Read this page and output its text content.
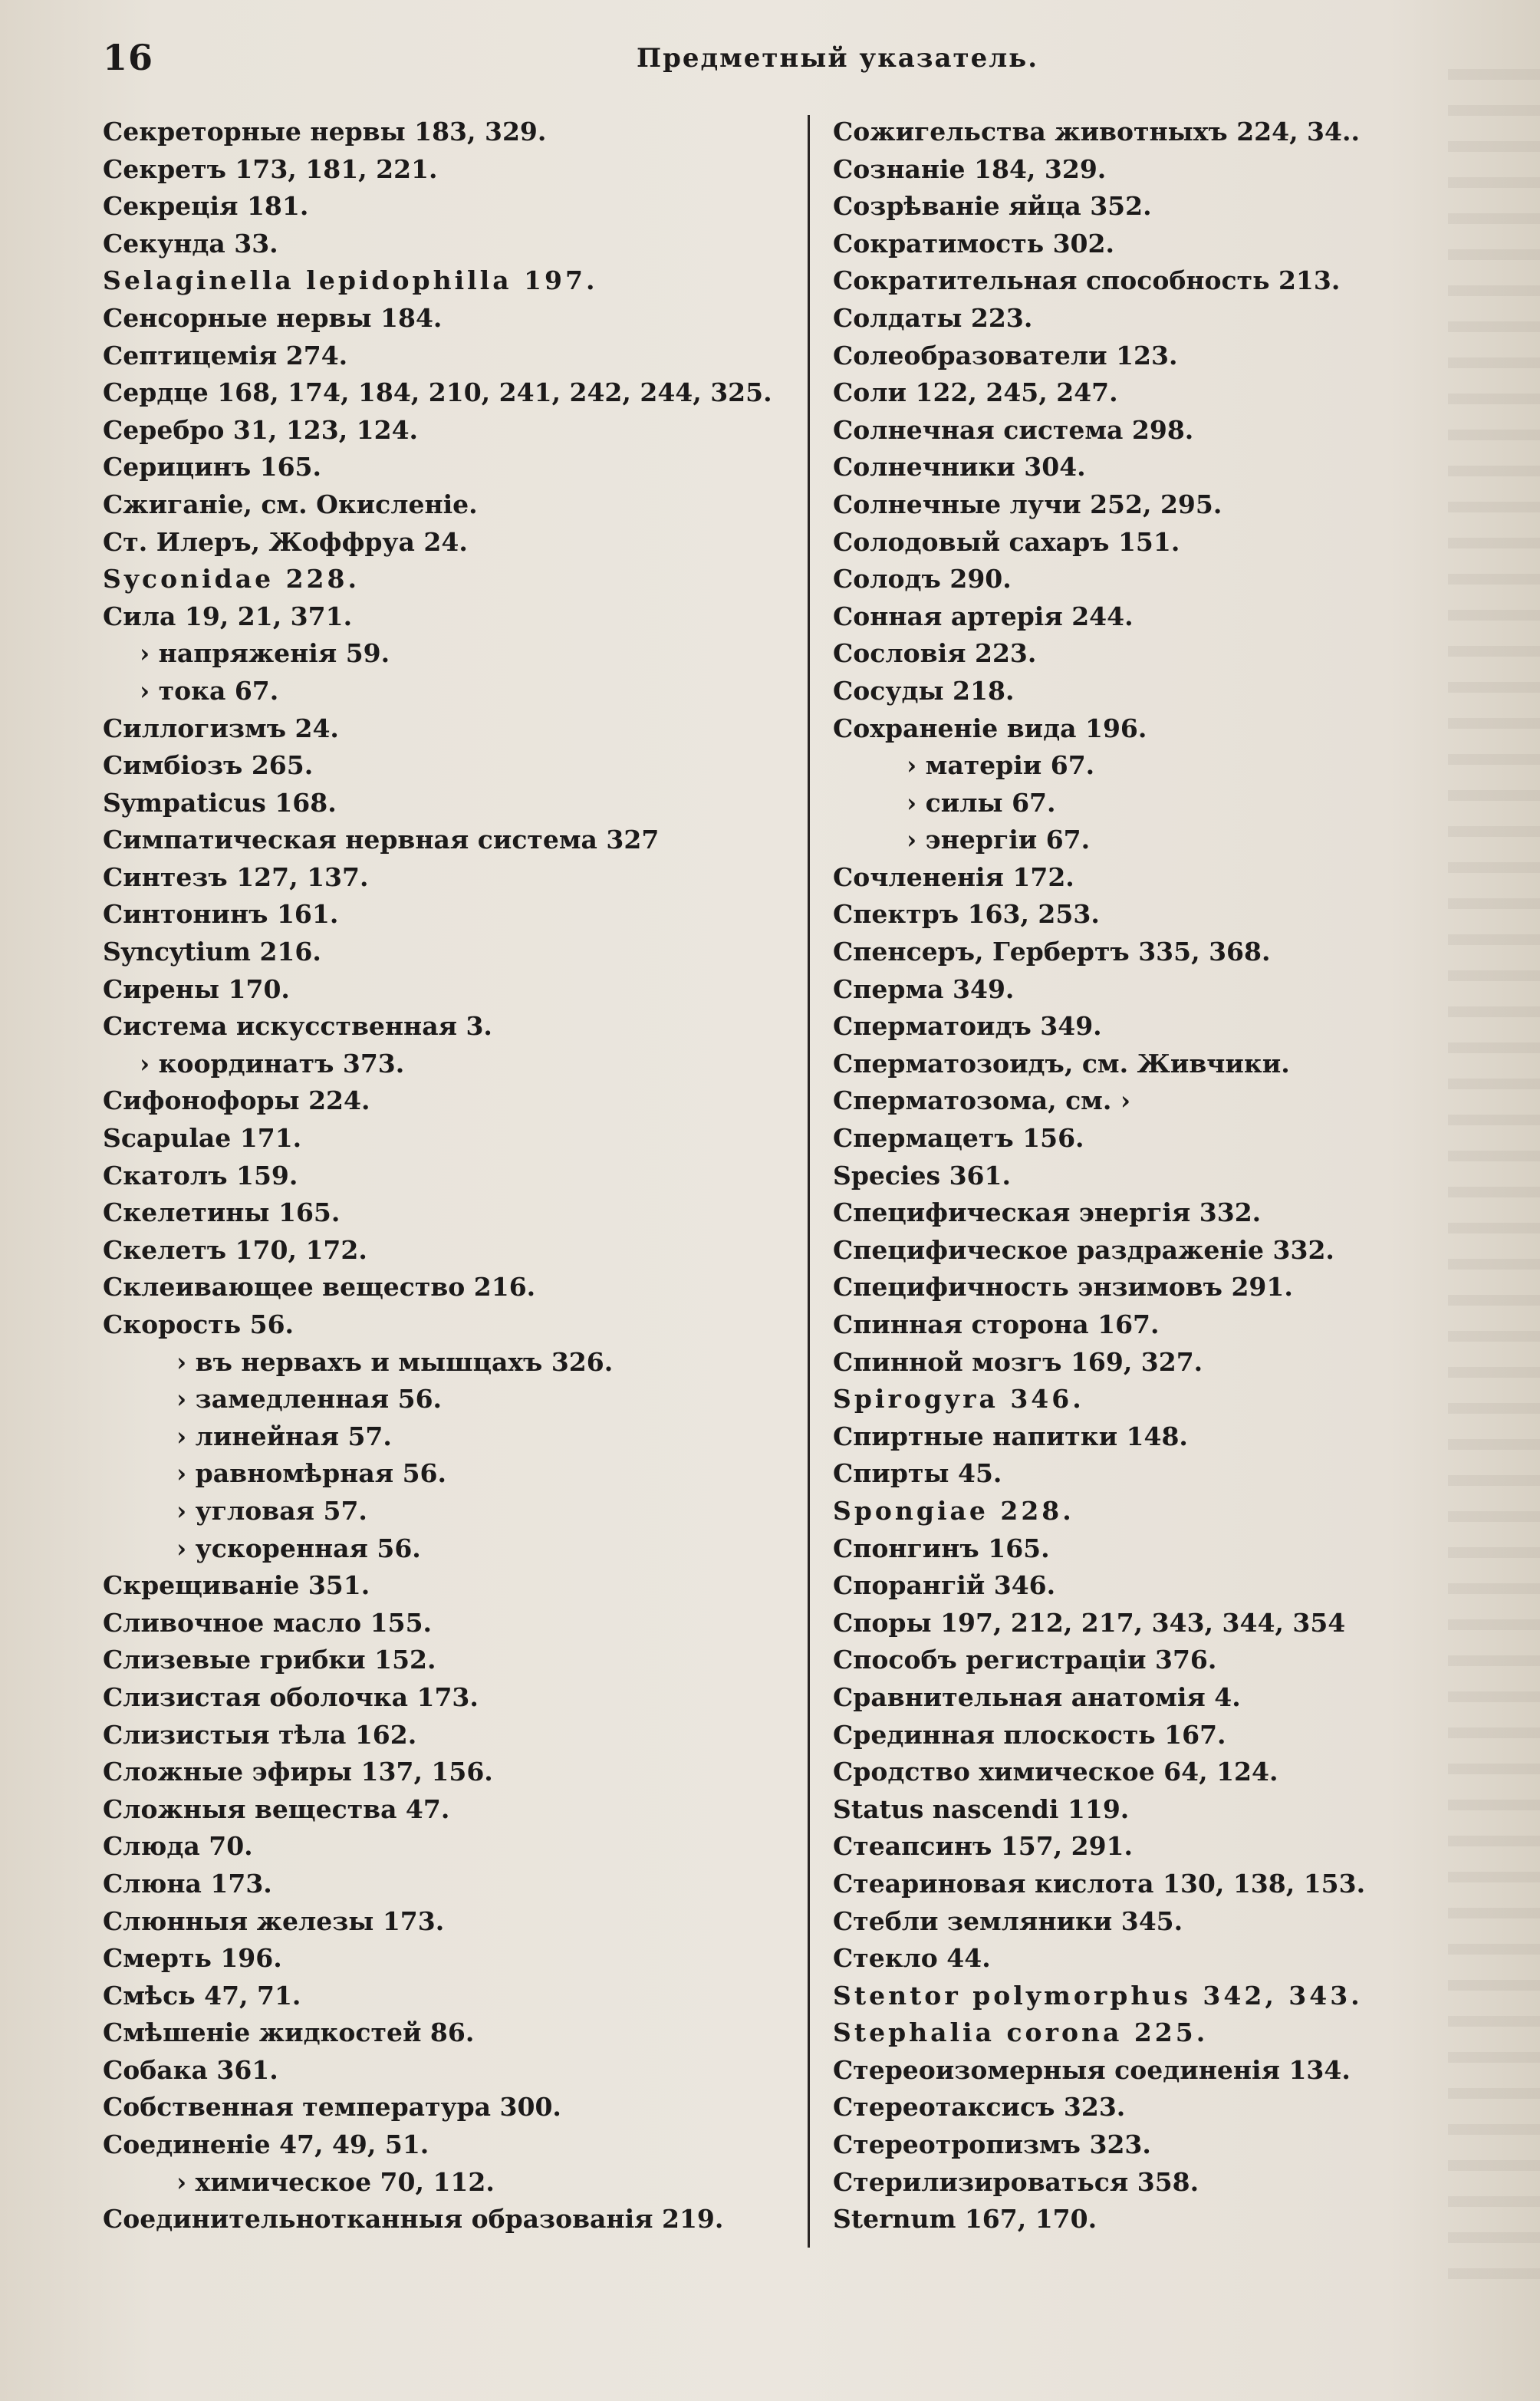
16	Предметный указатель.
Секреторные нервы 183, 329.
Секретъ 173, 181, 221.
Секреція 181.
Секунда 33.
Selaginella lepidophilla 197.
Сенсорные нервы 184.
Септицемія 274.
Сердце 168, 174, 184, 210, 241, 242, 244, 325.
Серебро 31, 123, 124.
Серицинъ 165.
Сжиганіе, см. Окисленіе.
Ст. Илеръ, Жоффруа 24.
Syconidae 228.
Сила 19, 21, 371.
› напряженія 59.
› тока 67.
Силлогизмъ 24.
Симбіозъ 265.
Sympaticus 168.
Симпатическая нервная система 327
Синтезъ 127, 137.
Синтонинъ 161.
Syncytium 216.
Сирены 170.
Система искусственная 3.
› координатъ 373.
Сифонофоры 224.
Scapulae 171.
Скатолъ 159.
Скелетины 165.
Скелетъ 170, 172.
Склеивающее вещество 216.
Скорость 56.
› въ нервахъ и мышцахъ 326.
› замедленная 56.
› линейная 57.
› равномѣрная 56.
› угловая 57.
› ускоренная 56.
Скрещиваніе 351.
Сливочное масло 155.
Слизевые грибки 152.
Слизистая оболочка 173.
Слизистыя тѣла 162.
Сложные эфиры 137, 156.
Сложныя вещества 47.
Слюда 70.
Слюна 173.
Слюнныя железы 173.
Смерть 196.
Смѣсь 47, 71.
Смѣшеніе жидкостей 86.
Собака 361.
Собственная температура 300.
Соединеніе 47, 49, 51.
› химическое 70, 112.
Соединительнотканныя образованія 219.
Сожигельства животныхъ 224, 34..
Сознаніе 184, 329.
Созрѣваніе яйца 352.
Сократимость 302.
Сократительная способность 213.
Солдаты 223.
Солеобразователи 123.
Соли 122, 245, 247.
Солнечная система 298.
Солнечники 304.
Солнечные лучи 252, 295.
Солодовый сахаръ 151.
Солодъ 290.
Сонная артерія 244.
Сословія 223.
Сосуды 218.
Сохраненіе вида 196.
› матеріи 67.
› силы 67.
› энергіи 67.
Сочлененія 172.
Спектръ 163, 253.
Спенсеръ, Гербертъ 335, 368.
Сперма 349.
Сперматоидъ 349.
Сперматозоидъ, см. Живчики.
Сперматозома, см. ›
Спермацетъ 156.
Species 361.
Специфическая энергія 332.
Специфическое раздраженіе 332.
Специфичность энзимовъ 291.
Спинная сторона 167.
Спинной мозгъ 169, 327.
Spirogyra 346.
Спиртные напитки 148.
Спирты 45.
Spongiae 228.
Спонгинъ 165.
Спорангій 346.
Споры 197, 212, 217, 343, 344, 354
Способъ регистраціи 376.
Сравнительная анатомія 4.
Срединная плоскость 167.
Сродство химическое 64, 124.
Status nascendi 119.
Стеапсинъ 157, 291.
Стеариновая кислота 130, 138, 153.
Стебли земляники 345.
Стекло 44.
Stentor polymorphus 342, 343.
Stephalia corona 225.
Стереоизомерныя соединенія 134.
Стереотаксисъ 323.
Стереотропизмъ 323.
Стерилизироваться 358.
Sternum 167, 170.
